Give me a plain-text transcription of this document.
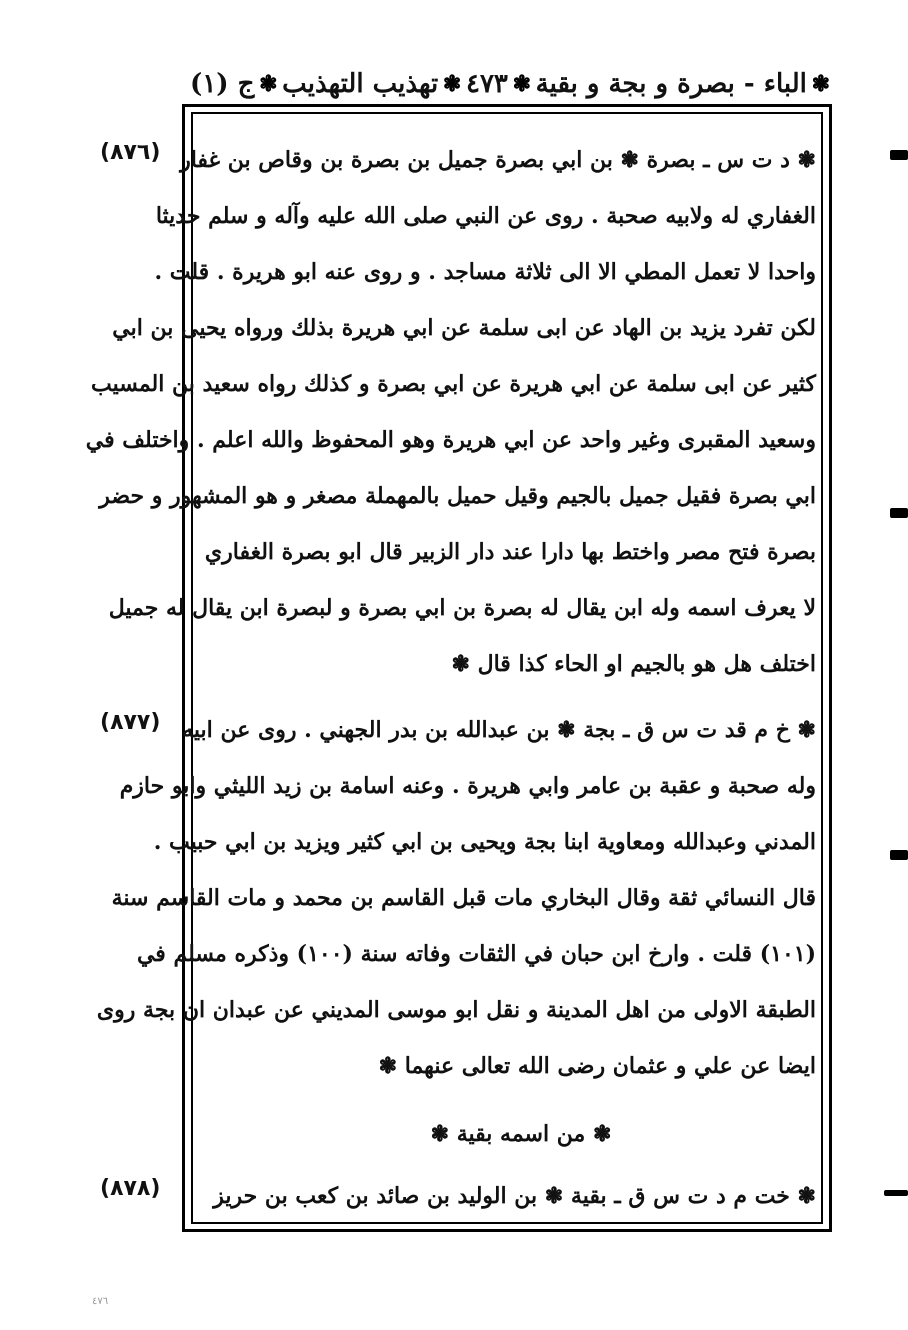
ج (١) ❃ تهذيب التهذيب ❃ ٤٧٣ ❃ الباء - بصرة و بجة و بقية ❃
(٨٧٦)
(٨٧٧)
(٨٧٨)
❃ د ت س ـ بصرة ❃ بن ابي بصرة جميل بن بصرة بن وقاص بن غفار
الغفاري له ولابيه صحبة . روى عن النبي صلى الله عليه وآله و سلم حديثا
واحدا لا تعمل المطي الا الى ثلاثة مساجد . و روى عنه ابو هريرة . قلت .
لكن تفرد يزيد بن الهاد عن ابى سلمة عن ابي هريرة بذلك ورواه يحيى بن ابي
كثير عن ابى سلمة عن ابي هريرة عن ابي بصرة و كذلك رواه سعيد بن المسيب
وسعيد المقبرى وغير واحد عن ابي هريرة وهو المحفوظ والله اعلم . واختلف في
ابي بصرة فقيل جميل بالجيم وقيل حميل بالمهملة مصغر و هو المشهور و حضر
بصرة فتح مصر واختط بها دارا عند دار الزبير قال ابو بصرة الغفاري
لا يعرف اسمه وله ابن يقال له بصرة بن ابي بصرة و لبصرة ابن يقال له جميل
اختلف هل هو بالجيم او الحاء كذا قال ❃
❃ خ م قد ت س ق ـ بجة ❃ بن عبدالله بن بدر الجهني . روى عن ابيه
وله صحبة و عقبة بن عامر وابي هريرة . وعنه اسامة بن زيد الليثي وابو حازم
المدني وعبدالله ومعاوية ابنا بجة ويحيى بن ابي كثير ويزيد بن ابي حبيب .
قال النسائي ثقة وقال البخاري مات قبل القاسم بن محمد و مات القاسم سنة
(١٠١) قلت . وارخ ابن حبان في الثقات وفاته سنة (١٠٠) وذكره مسلم في
الطبقة الاولى من اهل المدينة و نقل ابو موسى المديني عن عبدان ان بجة روى
ايضا عن علي و عثمان رضى الله تعالى عنهما ❃
❃ من اسمه بقية ❃
❃ خت م د ت س ق ـ بقية ❃ بن الوليد بن صائد بن كعب بن حريز
٤٧٦
